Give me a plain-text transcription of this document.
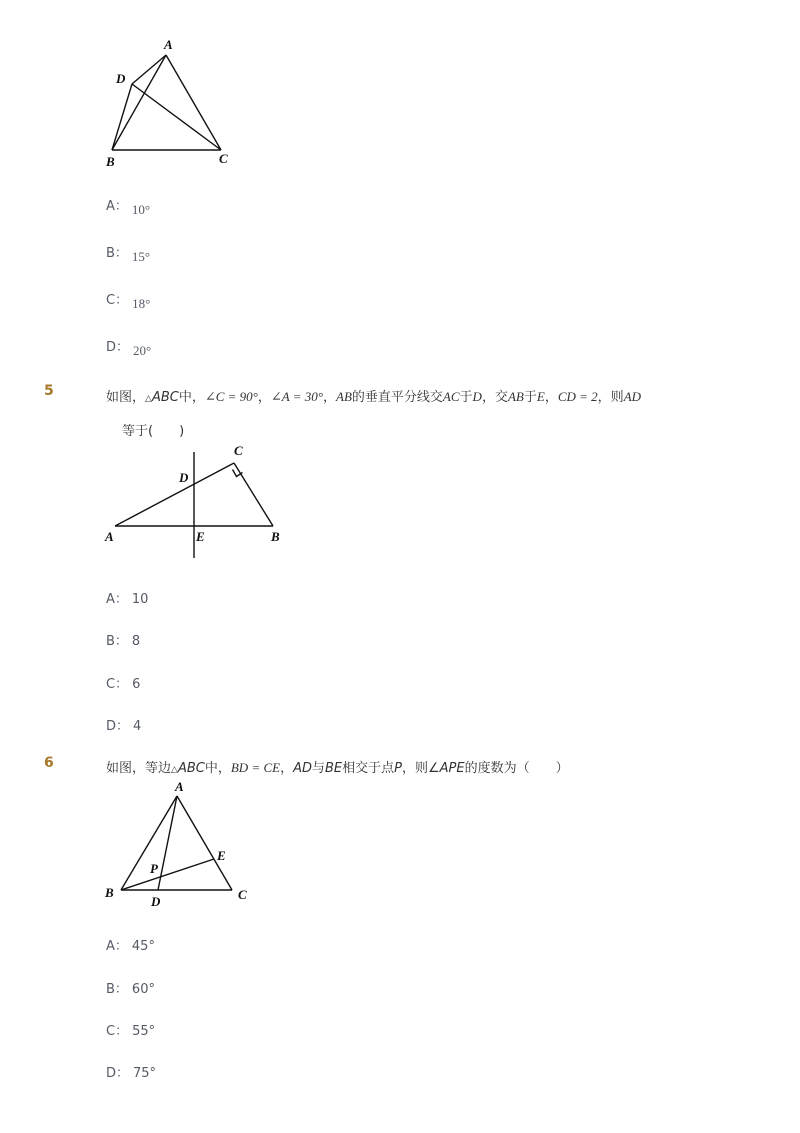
A
D
B	C
A： 10°
B： 15°
C： 18°
D： 20°
5	如图，△ABC中，∠C = 90°，∠A = 30°，AB的垂直平分线交AC于D，交AB于E，CD = 2，则AD
等于(　　)
C
D
A	E	B
A： 10
B： 8
C： 6
D： 4
6	如图，等边△ABC中，BD = CE，AD与BE相交于点P，则∠APE的度数为（　　）
A
E
P
B
D	C
A： 45°
B： 60°
C： 55°
D： 75°
